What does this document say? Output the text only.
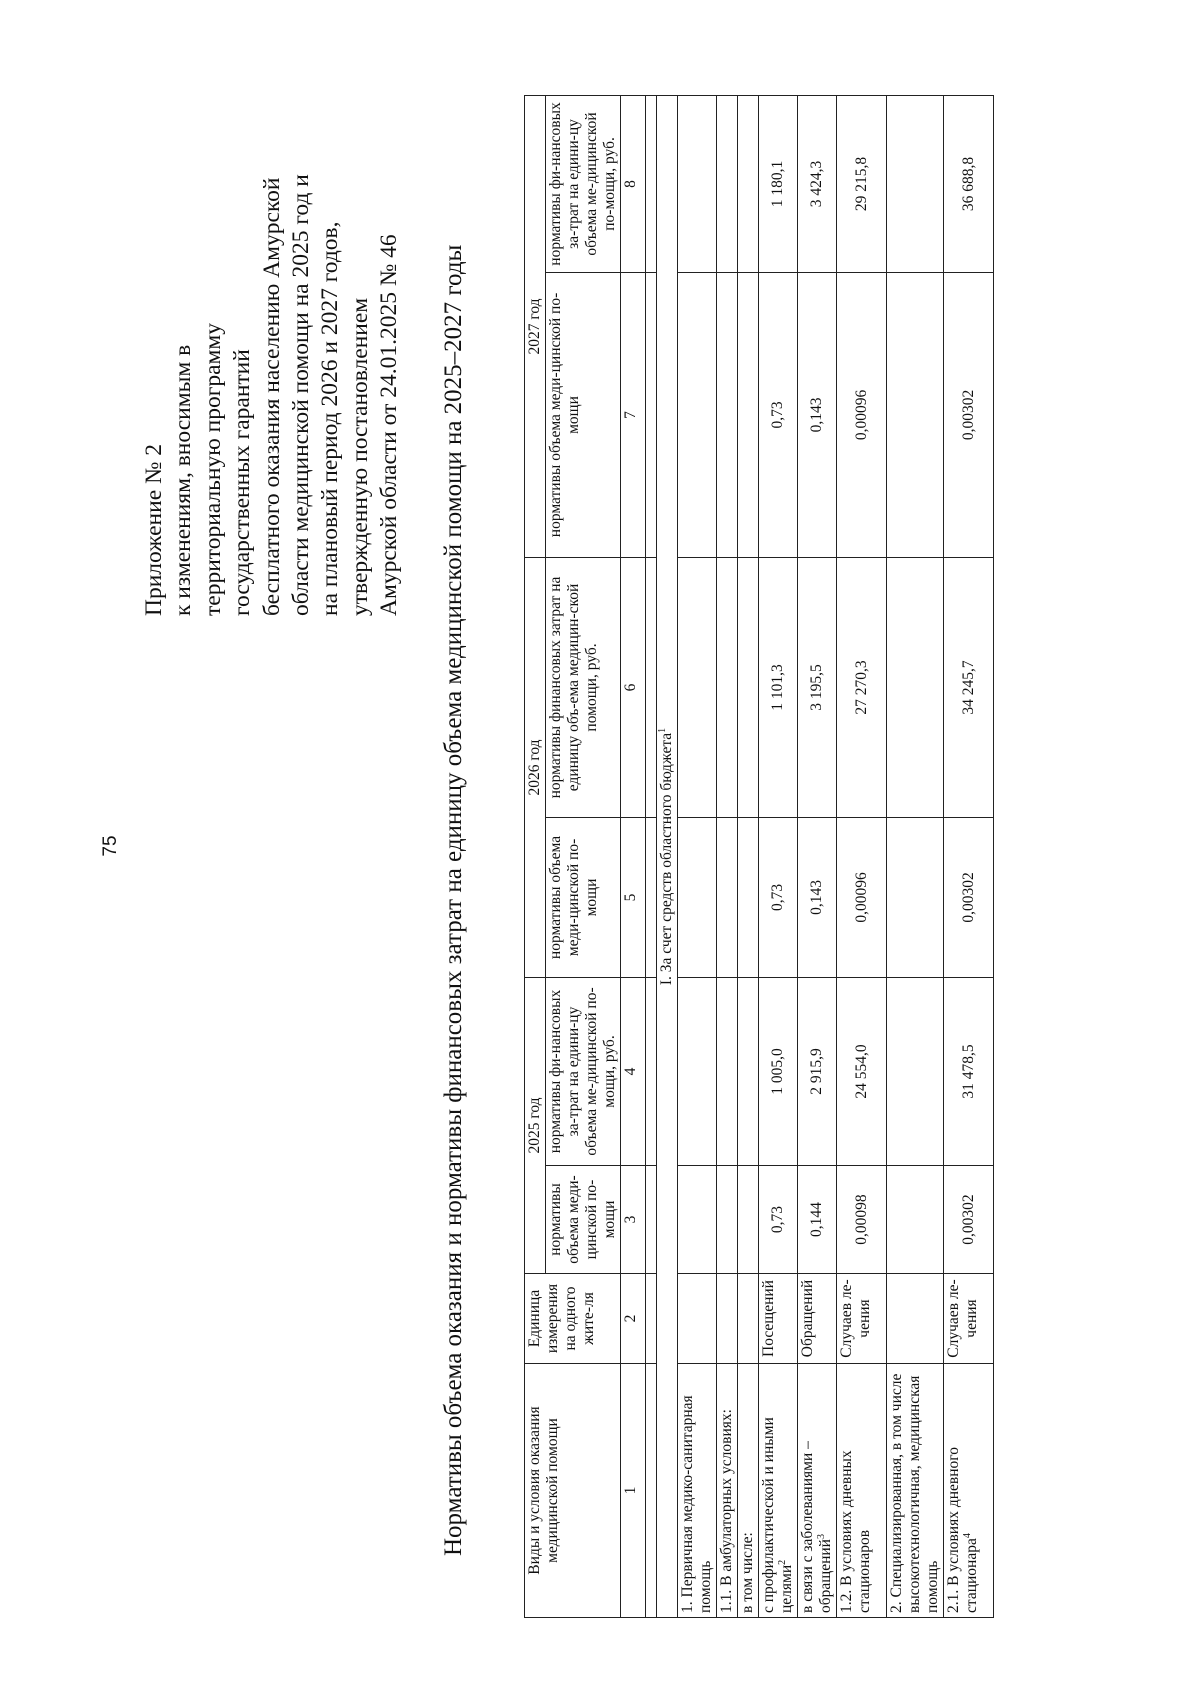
75
Приложение № 2 к изменениям, вносимым в территориальную программу государственных гарантий бесплатного оказания населению Амурской области медицинской помощи на 2025 год и на плановый период 2026 и 2027 годов, утвержденную постановлением Амурской области от 24.01.2025 № 46 Нормативы объема оказания и нормативы финансовых затрат на единицу объема медицинской помощи на 2025–2027 годы	Виды и условия оказания медицинской помощи	Единица измерения на одного жите-ля	2025 год		2026 год		2027 год	
		нормативы объема меди-цинской по-мощи	нормативы фи-нансовых за-трат на едини-цу объема ме-дицинской по-мощи, руб.	нормативы объема меди-цинской по-мощи	нормативы финансовых затрат на единицу объ-ема медицин-ской помощи, руб.	нормативы объема меди-цинской по-мощи	нормативы фи-нансовых за-трат на едини-цу объема ме-дицинской по-мощи, руб.
1	2	3	4	5	6	7	8

I. За счет средств областного бюджета$^1$
1. Первичная медико-санитарная помощь							
1.1. В амбулаторных условиях:							
в том числе:							
с профилактической и иными целями$^2$	Посещений	0,73	1 005,0	0,73	1 101,3	0,73	1 180,1
в связи с заболеваниями – обращений$^3$	Обращений	0,144	2 915,9	0,143	3 195,5	0,143	3 424,3
1.2. В условиях дневных стационаров	Случаев ле-чения	0,00098	24 554,0	0,00096	27 270,3	0,00096	29 215,8
2. Специализированная, в том числе высокотехнологичная, медицинская помощь							
2.1. В условиях дневного стационара$^4$	Случаев ле-чения	0,00302	31 478,5	0,00302	34 245,7	0,00302	36 688,8
